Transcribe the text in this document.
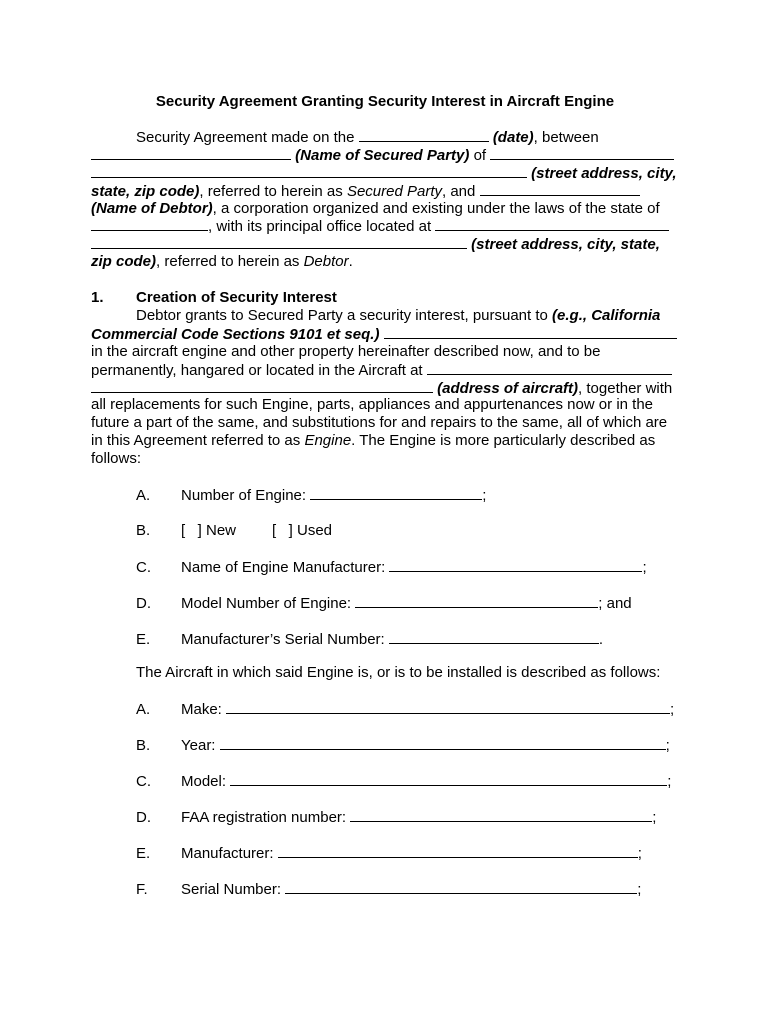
Security Agreement Granting Security Interest in Aircraft Engine
Security Agreement made on the	(date), between
(Name of Secured Party) of
(street address, city,
state, zip code), referred to herein as Secured Party, and
(Name of Debtor), a corporation organized and existing under the laws of the state of
, with its principal office located at
(street address, city, state,
zip code), referred to herein as Debtor.
1. Creation of Security Interest
Debtor grants to Secured Party a security interest, pursuant to (e.g., California
Commercial Code Sections 9101 et seq.)
in the aircraft engine and other property hereinafter described now, and to be
permanently, hangared or located in the Aircraft at
(address of aircraft), together with
all replacements for such Engine, parts, appliances and appurtenances now or in the
future a part of the same, and substitutions for and repairs to the same, all of which are
in this Agreement referred to as Engine. The Engine is more particularly described as
follows:
A. Number of Engine:	;
B. [   ] New [   ] Used
C. Name of Engine Manufacturer:	;
D. Model Number of Engine:	; and
E. Manufacturer’s Serial Number:	.
The Aircraft in which said Engine is, or is to be installed is described as follows:
A. Make:	;
B. Year:	;
C. Model:	;
D. FAA registration number:	;
E. Manufacturer:	;
F. Serial Number:	;
